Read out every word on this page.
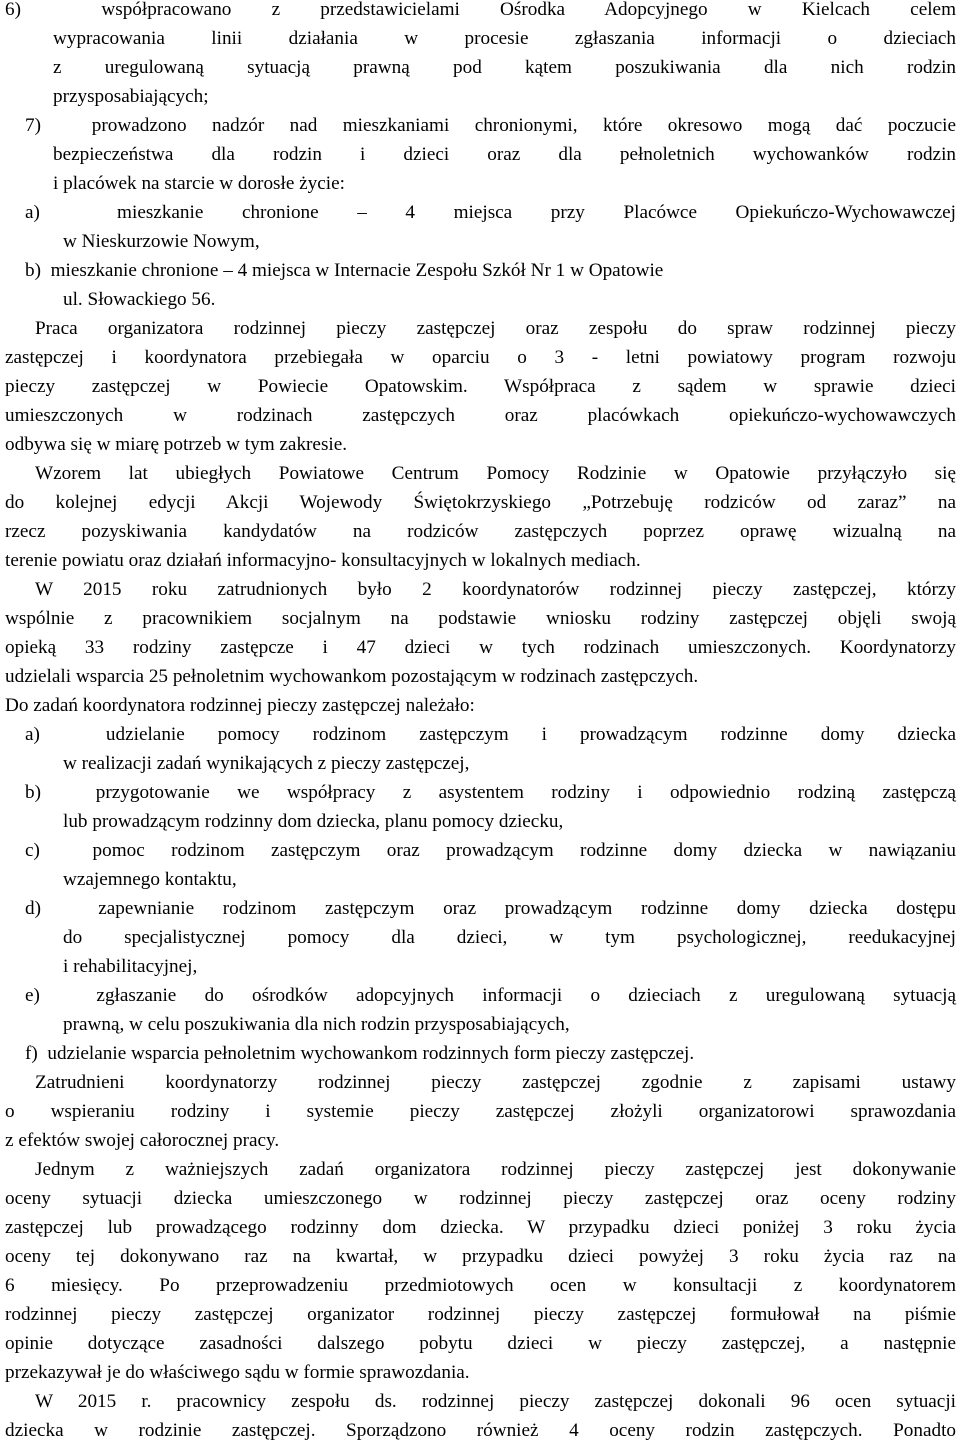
6)  współpracowano z przedstawicielami Ośrodka Adopcyjnego w Kielcach celem
wypracowania linii działania w procesie zgłaszania informacji o dzieciach
z uregulowaną sytuacją prawną pod kątem poszukiwania dla nich rodzin
przysposabiających;
7)  prowadzono nadzór nad mieszkaniami chronionymi, które okresowo mogą dać poczucie
bezpieczeństwa dla rodzin i dzieci oraz dla pełnoletnich wychowanków rodzin
i placówek na starcie w dorosłe życie:
a)  mieszkanie chronione – 4 miejsca przy Placówce Opiekuńczo-Wychowawczej
w Nieskurzowie Nowym,
b)  mieszkanie chronione – 4 miejsca w Internacie Zespołu Szkół Nr 1 w Opatowie
ul. Słowackiego 56.
Praca organizatora rodzinnej pieczy zastępczej oraz zespołu do spraw rodzinnej pieczy
zastępczej i koordynatora przebiegała w oparciu o 3 - letni powiatowy program rozwoju
pieczy zastępczej w Powiecie Opatowskim. Współpraca z sądem w sprawie dzieci
umieszczonych w rodzinach zastępczych oraz placówkach opiekuńczo-wychowawczych
odbywa się w miarę potrzeb w tym zakresie.
Wzorem lat ubiegłych Powiatowe Centrum Pomocy Rodzinie w Opatowie przyłączyło się
do kolejnej edycji Akcji Wojewody Świętokrzyskiego „Potrzebuję rodziców od zaraz” na
rzecz pozyskiwania kandydatów na rodziców zastępczych poprzez oprawę wizualną na
terenie powiatu oraz działań informacyjno- konsultacyjnych w lokalnych mediach.
W 2015 roku zatrudnionych było 2 koordynatorów rodzinnej pieczy zastępczej, którzy
wspólnie z pracownikiem socjalnym na podstawie wniosku rodziny zastępczej objęli swoją
opieką 33 rodziny zastępcze i 47 dzieci w tych rodzinach umieszczonych. Koordynatorzy
udzielali wsparcia 25 pełnoletnim wychowankom pozostającym w rodzinach zastępczych.
Do zadań koordynatora rodzinnej pieczy zastępczej należało:
a)  udzielanie pomocy rodzinom zastępczym i prowadzącym rodzinne domy dziecka
w realizacji zadań wynikających z pieczy zastępczej,
b)  przygotowanie we współpracy z asystentem rodziny i odpowiednio rodziną zastępczą
lub prowadzącym rodzinny dom dziecka, planu pomocy dziecku,
c)  pomoc rodzinom zastępczym oraz prowadzącym rodzinne domy dziecka w nawiązaniu
wzajemnego kontaktu,
d)  zapewnianie rodzinom zastępczym oraz prowadzącym rodzinne domy dziecka dostępu
do specjalistycznej pomocy dla dzieci, w tym psychologicznej, reedukacyjnej
i rehabilitacyjnej,
e)  zgłaszanie do ośrodków adopcyjnych informacji o dzieciach z uregulowaną sytuacją
prawną, w celu poszukiwania dla nich rodzin przysposabiających,
f)  udzielanie wsparcia pełnoletnim wychowankom rodzinnych form pieczy zastępczej.
Zatrudnieni koordynatorzy rodzinnej pieczy zastępczej zgodnie z zapisami ustawy
o wspieraniu rodziny i systemie pieczy zastępczej złożyli organizatorowi sprawozdania
z efektów swojej całorocznej pracy.
Jednym z ważniejszych zadań organizatora rodzinnej pieczy zastępczej jest dokonywanie
oceny sytuacji dziecka umieszczonego w rodzinnej pieczy zastępczej oraz oceny rodziny
zastępczej lub prowadzącego rodzinny dom dziecka. W przypadku dzieci poniżej 3 roku życia
oceny tej dokonywano raz na kwartał, w przypadku dzieci powyżej 3 roku życia raz na
6 miesięcy. Po przeprowadzeniu przedmiotowych ocen w konsultacji z koordynatorem
rodzinnej pieczy zastępczej organizator rodzinnej pieczy zastępczej formułował na piśmie
opinie dotyczące zasadności dalszego pobytu dzieci w pieczy zastępczej, a następnie
przekazywał je do właściwego sądu w formie sprawozdania.
W 2015 r. pracownicy zespołu ds. rodzinnej pieczy zastępczej dokonali 96 ocen sytuacji
dziecka w rodzinie zastępczej. Sporządzono również 4 oceny rodzin zastępczych. Ponadto
